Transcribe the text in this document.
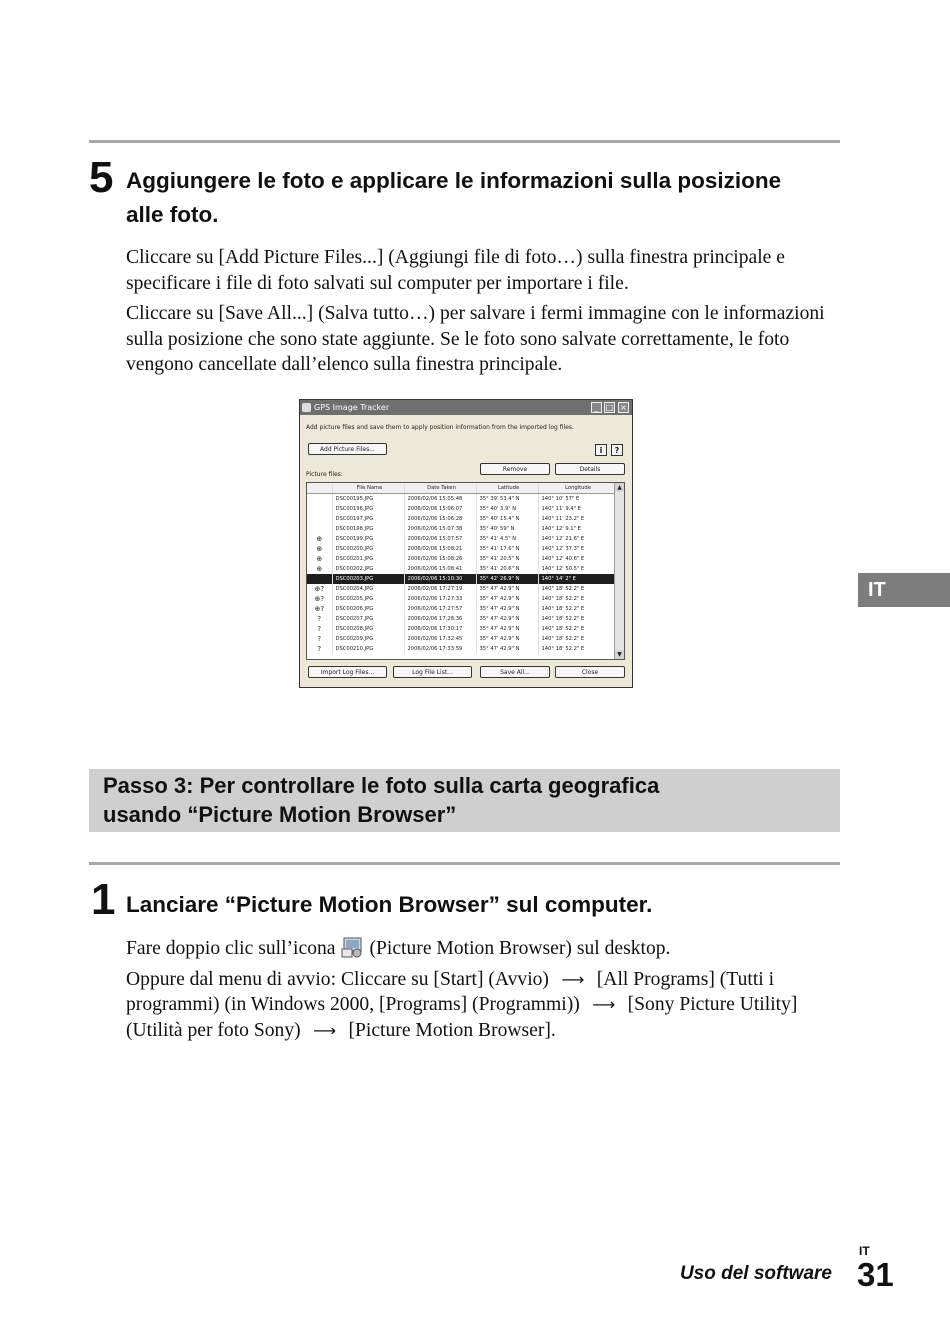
5 Aggiungere le foto e applicare le informazioni sulla posizione alle foto.

Cliccare su [Add Picture Files...] (Aggiungi file di foto…) sulla finestra principale e specificare i file di foto salvati sul computer per importare i file.

Cliccare su [Save All...] (Salva tutto…) per salvare i fermi immagine con le informazioni sulla posizione che sono state aggiunte. Se le foto sono salvate correttamente, le foto vengono cancellate dall’elenco sulla finestra principale.

GPS Image Tracker	_ □ ×
Add picture files and save them to apply position information from the imported log files.
Add Picture Files...	i	?
Picture files:
Remove	Details
	File Name	Date Taken	Latitude	Longitude
	DSC00195.JPG	2006/02/06 15:05:48	35° 39' 53.4" N	140° 10' 57" E
	DSC00196.JPG	2006/02/06 15:06:07	35° 40' 3.9" N	140° 11' 9.4" E
	DSC00197.JPG	2006/02/06 15:06:28	35° 40' 15.4" N	140° 11' 23.2" E
	DSC00198.JPG	2006/02/06 15:07:38	35° 40' 59" N	140° 12' 9.1" E
⊕	DSC00199.JPG	2006/02/06 15:07:57	35° 41' 4.5" N	140° 12' 21.6" E
⊕	DSC00200.JPG	2006/02/06 15:08:21	35° 41' 17.6" N	140° 12' 37.3" E
⊕	DSC00201.JPG	2006/02/06 15:08:26	35° 41' 20.5" N	140° 12' 40.6" E
⊕	DSC00202.JPG	2006/02/06 15:08:41	35° 41' 20.6" N	140° 12' 50.5" E
	DSC00203.JPG	2006/02/06 15:10:30	35° 42' 26.9" N	140° 14' 2" E
⊕?	DSC00204.JPG	2006/02/06 17:27:19	35° 47' 42.9" N	140° 18' 52.2" E
⊕?	DSC00205.JPG	2006/02/06 17:27:33	35° 47' 42.9" N	140° 18' 52.2" E
⊕?	DSC00206.JPG	2006/02/06 17:27:57	35° 47' 42.9" N	140° 18' 52.2" E
?	DSC00207.JPG	2006/02/06 17:28:36	35° 47' 42.9" N	140° 18' 52.2" E
?	DSC00208.JPG	2006/02/06 17:30:17	35° 47' 42.9" N	140° 18' 52.2" E
?	DSC00209.JPG	2006/02/06 17:32:45	35° 47' 42.9" N	140° 18' 52.2" E
?	DSC00210.JPG	2006/02/06 17:33:59	35° 47' 42.9" N	140° 18' 52.2" E
▲
▼
Import Log Files...	Log File List...	Save All...	Close
IT
Passo 3: Per controllare le foto sulla carta geografica
usando “Picture Motion Browser”
1 Lanciare “Picture Motion Browser” sul computer.

Fare doppio clic sull’icona (Picture Motion Browser) sul desktop.

Oppure dal menu di avvio: Cliccare su [Start] (Avvio) ⟶ [All Programs] (Tutti i programmi) (in Windows 2000, [Programs] (Programmi)) ⟶ [Sony Picture Utility] (Utilità per foto Sony) ⟶ [Picture Motion Browser].

Uso del software
IT
31
